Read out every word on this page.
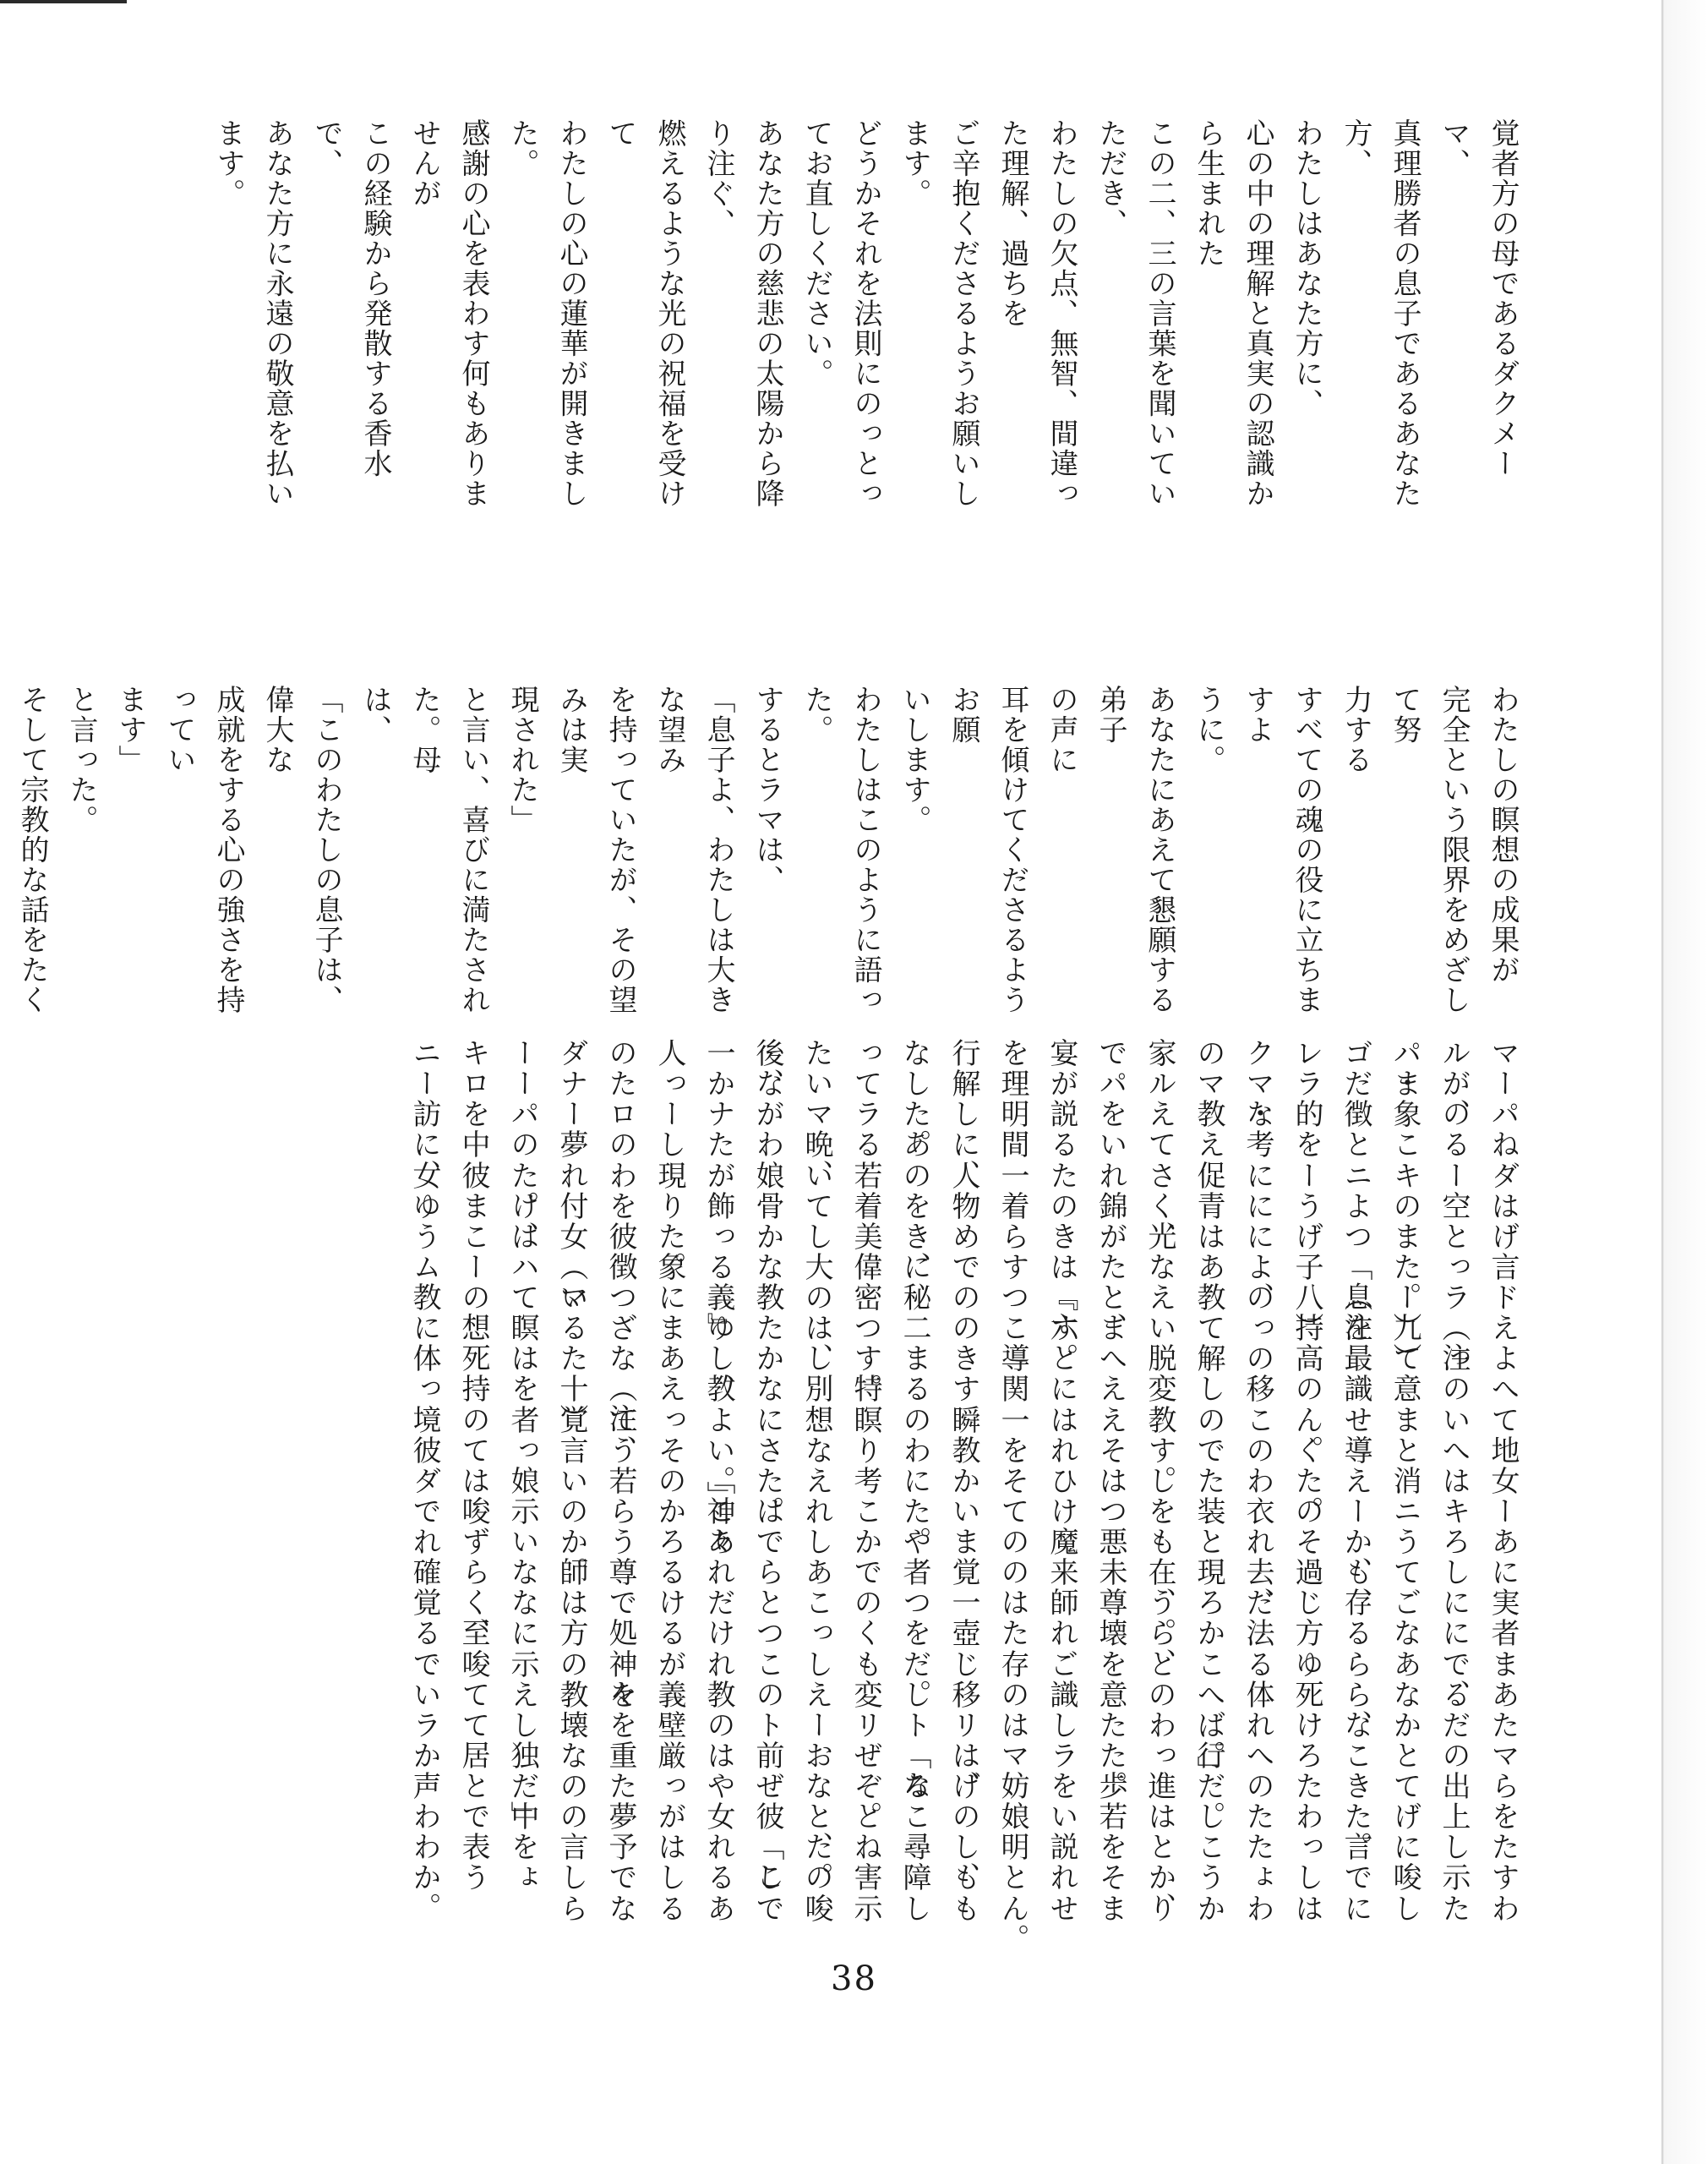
覚者方の母であるダクメー
マ、
真理勝者の息子であるあなた
方、
わたしはあなた方に、
心の中の理解と真実の認識か
ら生まれた
この二、三の言葉を聞いてい
ただき、
わたしの欠点、無智、間違っ
た理解、過ちを
ご辛抱くださるようお願いし
ます。
どうかそれを法則にのっとっ
てお直しください。
あなた方の慈悲の太陽から降
り注ぐ、
燃えるような光の祝福を受け
て
わたしの心の蓮華が開きまし
た。
感謝の心を表わす何もありま
せんが
この経験から発散する香水
で、
あなた方に永遠の敬意を払い
ます。

わたしの瞑想の成果が
完全という限界をめざして努
力する
すべての魂の役に立ちますよ
うに。
あなたにあえて懇願する弟子
の声に
耳を傾けてくださるようお願
いします。
わたしはこのように語った。
するとラマは、
「息子よ、わたしは大きな望み
を持っていたが、その望みは実
現された」
と言い、喜びに満たされた。母
は、
「このわたしの息子は、偉大な
成就をする心の強さを持ってい
ます」
と言った。
そして宗教的な話をたく

マルパ・ゴレクの家で宴を行
なった後、一人のダーキニー
が、まだラマ・マルパが理解し
ていなかったナーローパの象徴
的な教えを説明した。ラマが
ナーローパを訪ねることを考え
ている間に、ある晩、わたしの
夢の中に、ダーキニーに促され
た一人の若い娘が現われた。彼
女は空のように青く、錦の着物
を着て骨飾りを付け、まゆげと
まつげには光がきらめき、美し
かった。彼女はこう言った。
「息子よ、あなたはすでに偉大
なる象徴（マハームドラー）
（注八）の教えと、『六つの秘
密の教義』についての教え（注
九）を持っています。この二つ
は、たゆまざる瞑想によって最
高の解脱へと導きます。しか
し、あなたは死体への意識の移
し変えに関する特別な教え（注
十）を持っていません。この教
えは一瞬の瞑想によって、覚者
の境地へと導くのです。それを
教わりなさい。」
そう言って彼女は消えた。
わたしはひそかに考えた。
「この若い娘はダーキニーの衣
装をつけていた。これは神々か
らの示唆であろうか、それとも
悪魔のまやかしであろうか。い
ずれにしても、過去、現在、未
来の覚者であられる尊師なら確
実にご存じだろう。尊師は一つ
のことだけではなく、覚者にな
る方法から、壊れた壺をくっつ
ける処方に至るまで、あらゆる
ことをご存じだ。もしこれが
神々の示唆であるなら、死体へ
の意識の移し変えの教義を教え
ていただかなければ。」
わたしはリトリートの壁を壊
してラマのところへ行った。ラ
マは、
「なぜお前は厳重な独居から出
てきたのだ。進歩を妨げるぞ。
なぜやったのだ」と声を上げ
た。
わたしは若い娘のことと、彼
女が夢の中でわたしに言ったこ
とを説明し、尋ねた。
「これは予言を表わす示唆で
しょうか、それとも障害のしる
しでしょうか。わたしにはわか
りません。もし示唆であるなら

38
